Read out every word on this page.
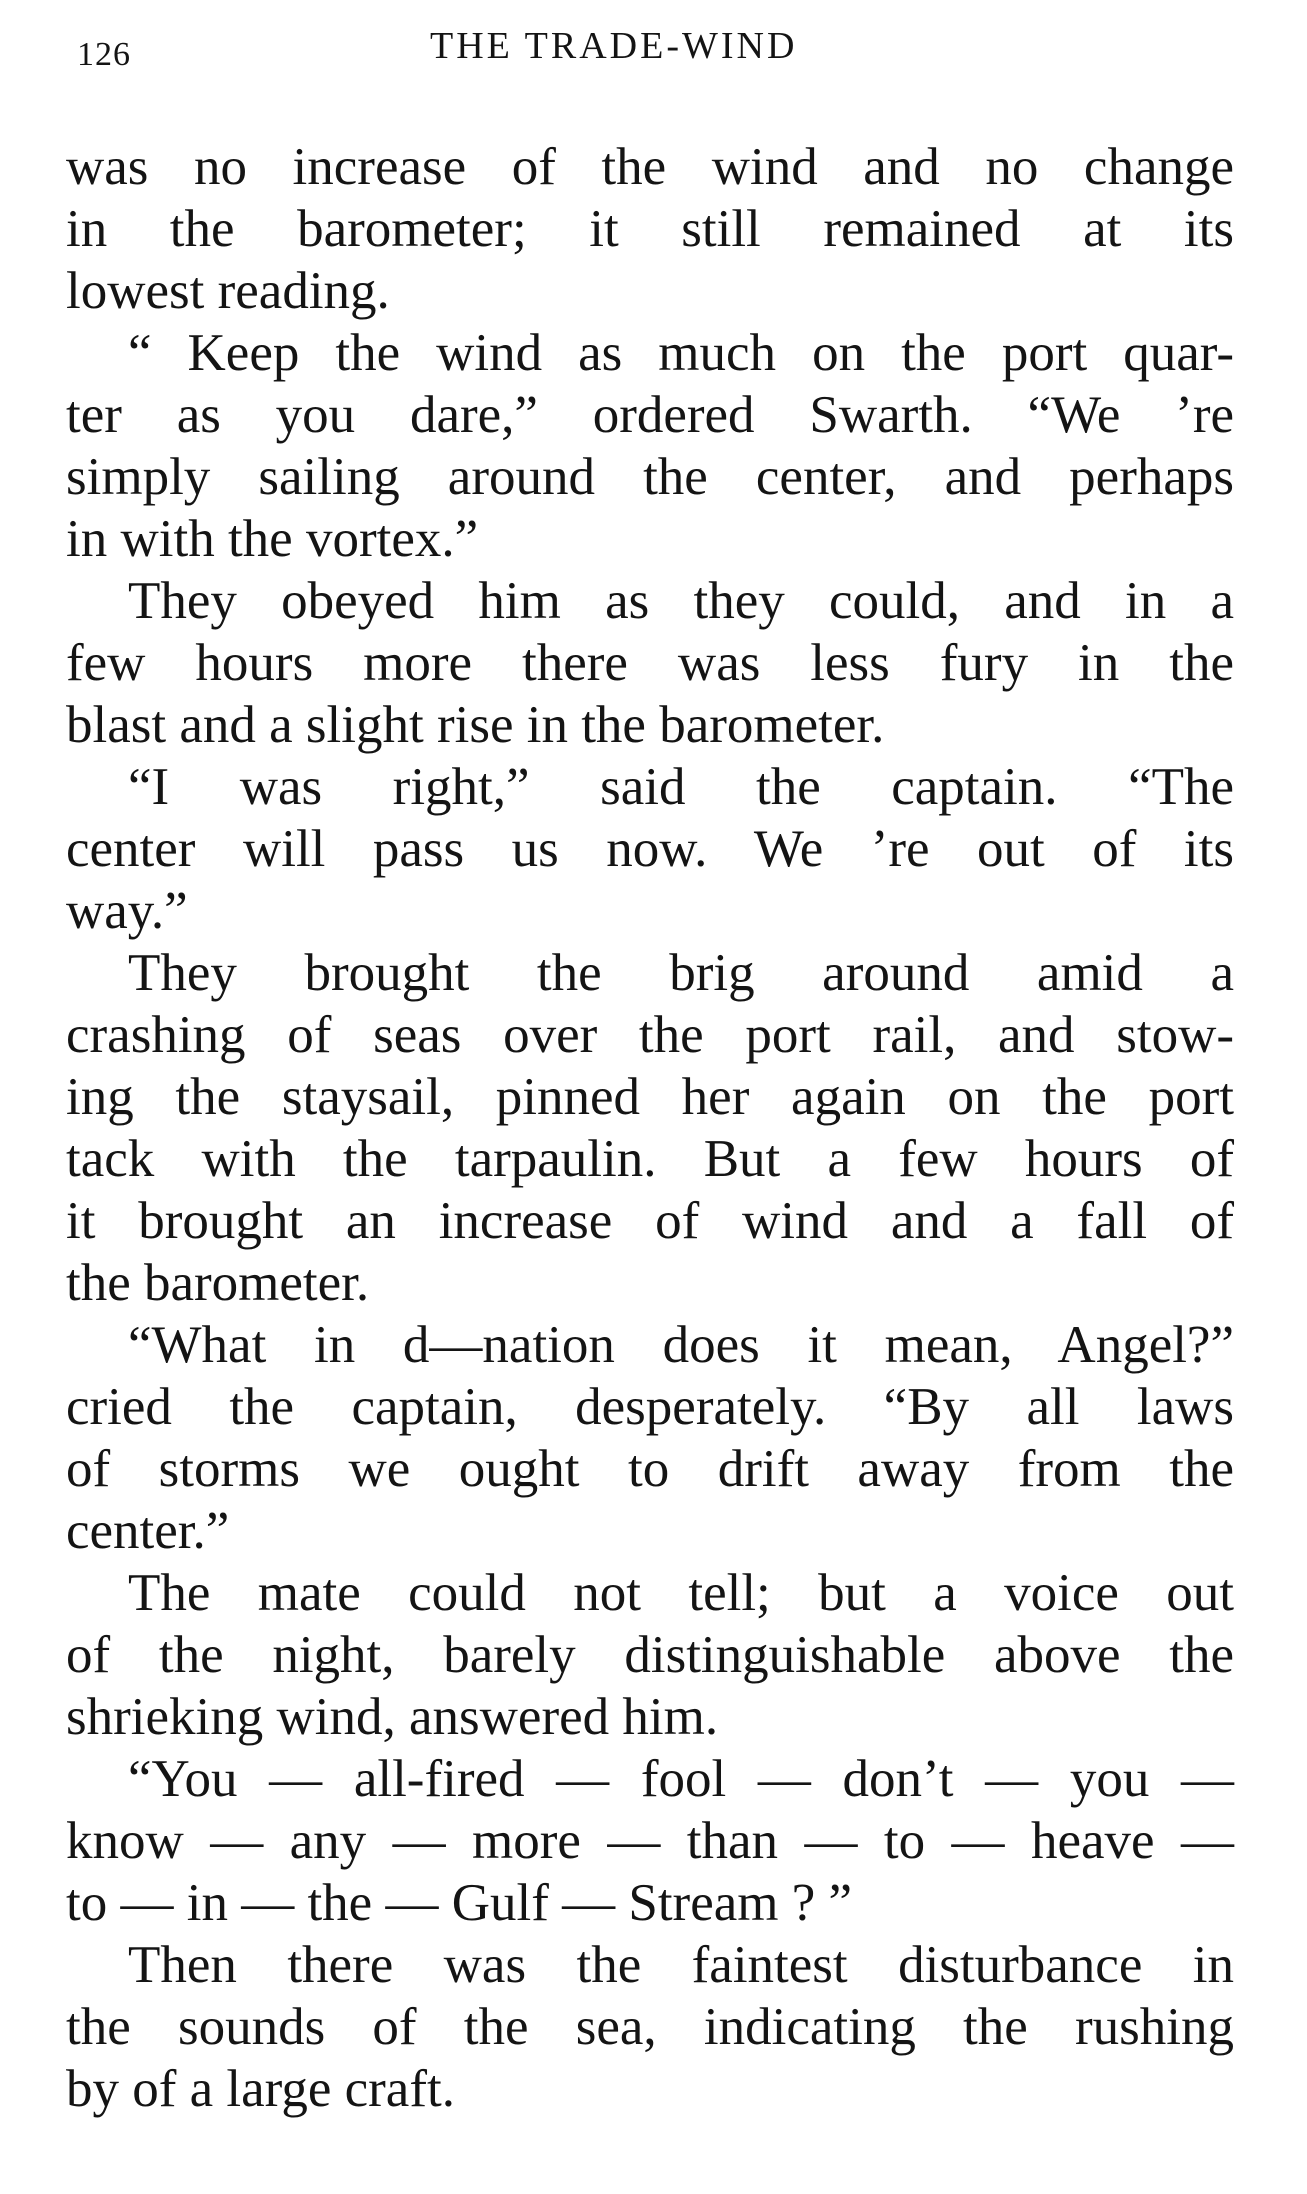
126	THE TRADE-WIND
was no increase of the wind and no change
in the barometer; it still remained at its
lowest reading.
“ Keep the wind as much on the port quar-
ter as you dare,” ordered Swarth. “We ’re
simply sailing around the center, and perhaps
in with the vortex.”
They obeyed him as they could, and in a
few hours more there was less fury in the
blast and a slight rise in the barometer.
“I was right,” said the captain. “The
center will pass us now. We ’re out of its
way.”
They brought the brig around amid a
crashing of seas over the port rail, and stow-
ing the staysail, pinned her again on the port
tack with the tarpaulin. But a few hours of
it brought an increase of wind and a fall of
the barometer.
“What in d—nation does it mean, Angel?”
cried the captain, desperately. “By all laws
of storms we ought to drift away from the
center.”
The mate could not tell; but a voice out
of the night, barely distinguishable above the
shrieking wind, answered him.
“You — all-fired — fool — don’t — you —
know — any — more — than — to — heave —
to — in — the — Gulf — Stream ? ”
Then there was the faintest disturbance in
the sounds of the sea, indicating the rushing
by of a large craft.
